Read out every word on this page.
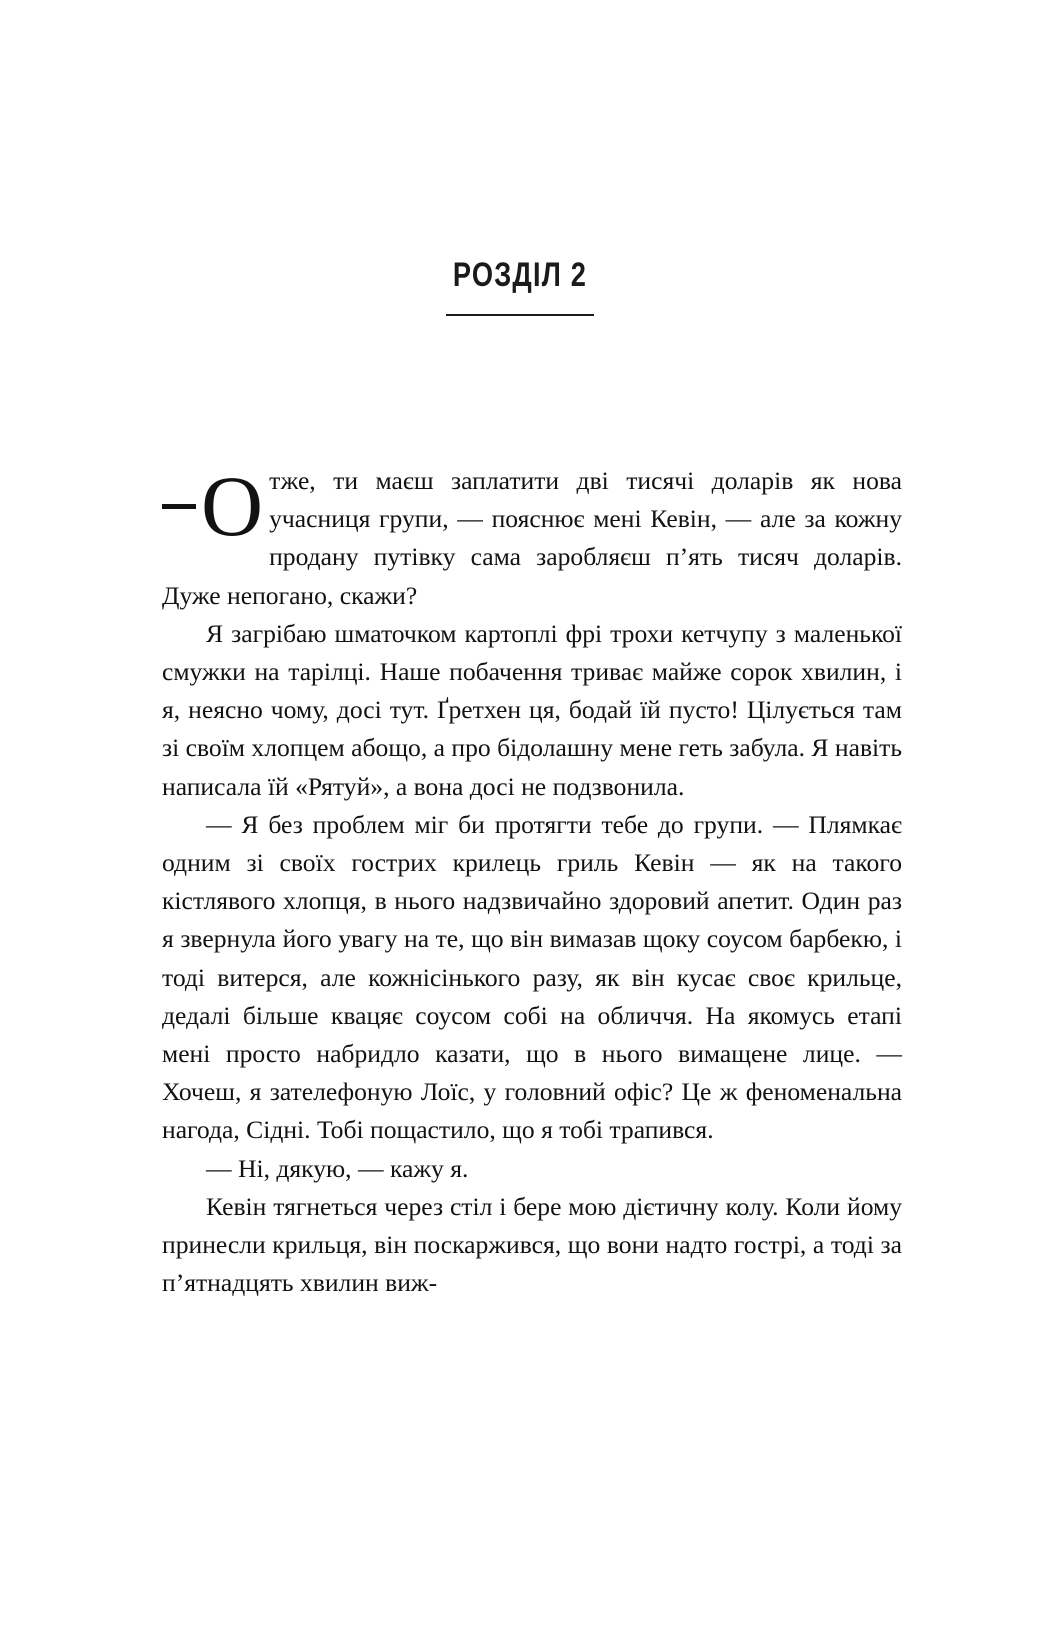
РОЗДІЛ 2

Отже, ти маєш заплатити дві тисячі доларів як нова учасниця групи, — пояснює мені Кевін, — але за кожну продану путівку сама заробляєш п’ять тисяч доларів. Дуже непогано, скажи?

Я загрібаю шматочком картоплі фрі трохи кетчупу з маленької смужки на тарілці. Наше побачення триває майже сорок хвилин, і я, неясно чому, досі тут. Ґретхен ця, бодай їй пусто! Цілується там зі своїм хлопцем абощо, а про бідолашну мене геть забула. Я навіть написала їй «Рятуй», а вона досі не подзвонила.

— Я без проблем міг би протягти тебе до групи. — Плямкає одним зі своїх гострих крилець гриль Кевін — як на такого кістлявого хлопця, в нього надзвичайно здоровий апетит. Один раз я звернула його увагу на те, що він вимазав щоку соусом барбекю, і тоді витерся, але кожнісінького разу, як він кусає своє крильце, дедалі більше квацяє соусом собі на обличчя. На якомусь етапі мені просто набридло казати, що в нього вимащене лице. — Хочеш, я зателефоную Лоїс, у головний офіс? Це ж феноменальна нагода, Сідні. Тобі пощастило, що я тобі трапився.

— Ні, дякую, — кажу я.

Кевін тягнеться через стіл і бере мою дієтичну колу. Коли йому принесли крильця, він поскаржився, що вони надто гострі, а тоді за п’ятнадцять хвилин виж-
